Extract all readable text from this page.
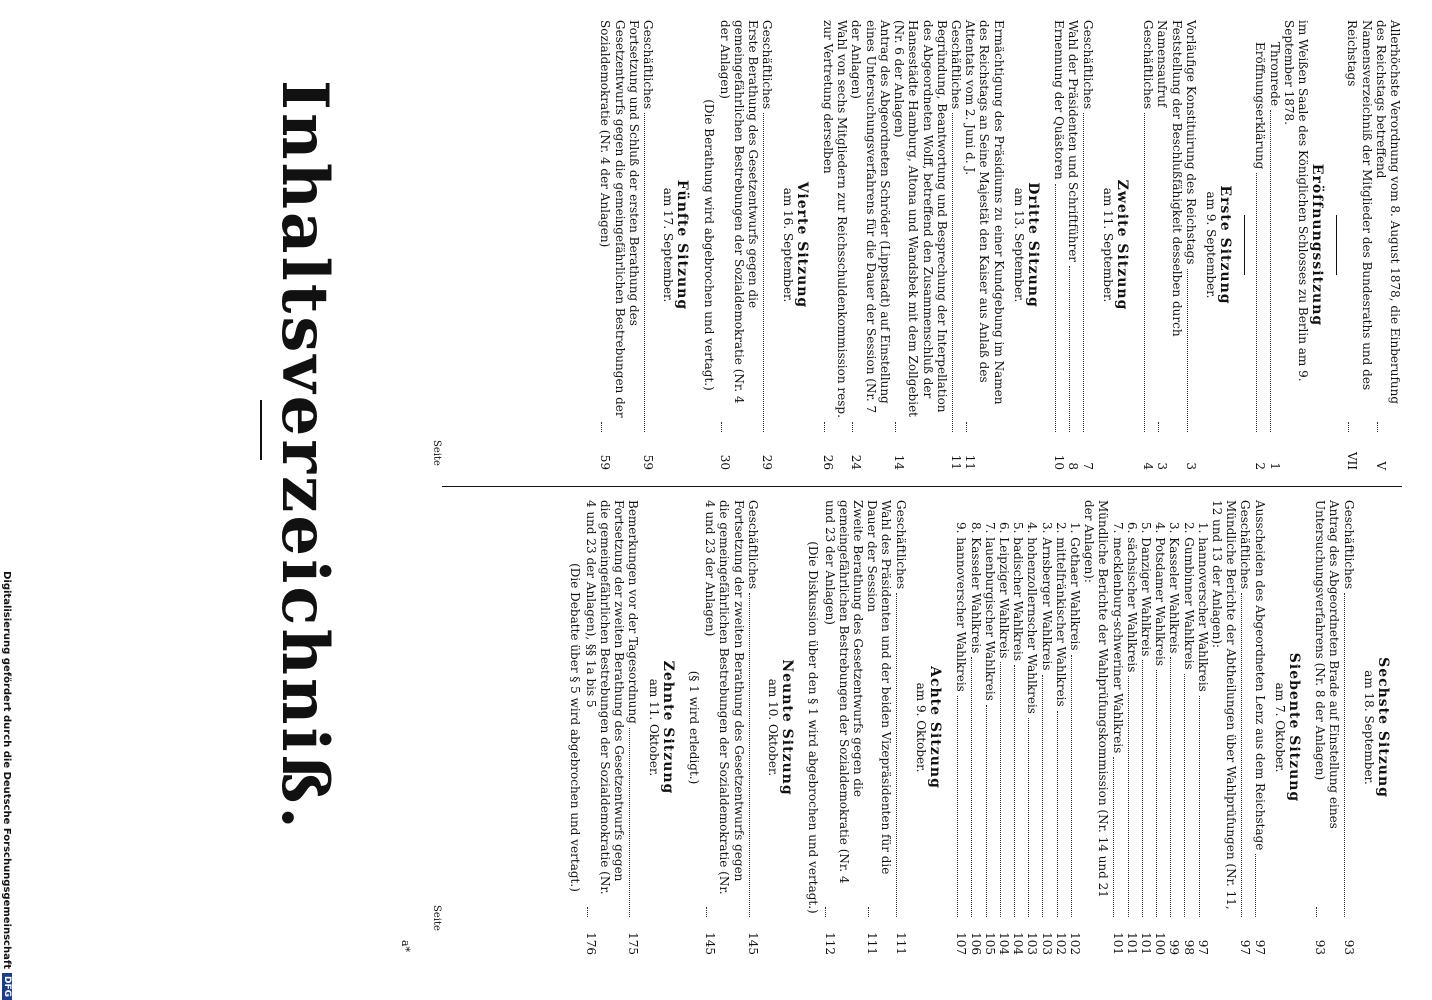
Inhaltsverzeichniß.	Seite
Seite
Allerhöchste Verordnung vom 8. August 1878, die Einberufung des Reichstags betreffend
V
Namensverzeichniß der Mitglieder des Bundesraths und des Reichstags
VII
Eröffnungssitzung
im Weißen Saale des Königlichen Schlosses zu Berlin am 9. September 1878.
Thronrede
1
Eröffnungserklärung
2
Erste Sitzung
am 9. September.
Vorläufige Konstituirung des Reichstags
3
Feststellung der Beschlußfähigkeit desselben durch Namensaufruf
3
Geschäftliches
4
Zweite Sitzung
am 11. September.
Geschäftliches
7
Wahl der Präsidenten und Schriftführer
8
Ernennung der Quästoren
10
Dritte Sitzung
am 13. September.
Ermächtigung des Präsidiums zu einer Kundgebung im Namen des Reichstags an Seine Majestät den Kaiser aus Anlaß des Attentats vom 2. Juni d. J.
11
Geschäftliches
11
Begründung, Beantwortung und Besprechung der Interpellation des Abgeordneten Wolff, betreffend den Zusammenschluß der Hansestädte Hamburg, Altona und Wandsbek mit dem Zollgebiet (Nr. 6 der Anlagen)
14
Antrag des Abgeordneten Schröder (Lippstadt) auf Einstellung eines Untersuchungsverfahrens für die Dauer der Session (Nr. 7 der Anlagen)
24
Wahl von sechs Mitgliedern zur Reichsschuldenkommission resp. zur Vertretung derselben
26
Vierte Sitzung
am 16. September.
Geschäftliches
29
Erste Berathung des Gesetzentwurfs gegen die gemeingefährlichen Bestrebungen der Sozialdemokratie (Nr. 4 der Anlagen)
30
(Die Berathung wird abgebrochen und vertagt.)
Fünfte Sitzung
am 17. September.
Geschäftliches
59
Fortsetzung und Schluß der ersten Berathung des Gesetzentwurfs gegen die gemeingefährlichen Bestrebungen der Sozialdemokratie (Nr. 4 der Anlagen)
59
Sechste Sitzung
am 18. September.
Geschäftliches
93
Antrag des Abgeordneten Brade auf Einstellung eines Untersuchungsverfahrens (Nr. 8 der Anlagen)
93
Siebente Sitzung
am 7. Oktober.
Ausscheiden des Abgeordneten Lenz aus dem Reichstage
97
Geschäftliches
97
Mündliche Berichte der Abtheilungen über Wahlprüfungen (Nr. 11, 12 und 13 der Anlagen):
1. hannoverscher Wahlkreis
97
2. Gumbinner Wahlkreis
98
3. Kasseler Wahlkreis
99
4. Potsdamer Wahlkreis
100
5. Danziger Wahlkreis
101
6. sächsischer Wahlkreis
101
7. mecklenburg-schweriner Wahlkreis
101
Mündliche Berichte der Wahlprüfungskommission (Nr. 14 und 21 der Anlagen):
1. Gothaer Wahlkreis
102
2. mittelfränkischer Wahlkreis
102
3. Arnsberger Wahlkreis
103
4. hohenzollernscher Wahlkreis
103
5. badischer Wahlkreis
104
6. Leipziger Wahlkreis
104
7. lauenburgischer Wahlkreis
105
8. Kasseler Wahlkreis
106
9. hannoverscher Wahlkreis
107
Achte Sitzung
am 9. Oktober.
Geschäftliches
111
Wahl des Präsidenten und der beiden Vizepräsidenten für die Dauer der Session
111
Zweite Berathung des Gesetzentwurfs gegen die gemeingefährlichen Bestrebungen der Sozialdemokratie (Nr. 4 und 23 der Anlagen)
112
(Die Diskussion über den § 1 wird abgebrochen und vertagt.)
Neunte Sitzung
am 10. Oktober.
Geschäftliches
145
Fortsetzung der zweiten Berathung des Gesetzentwurfs gegen die gemeingefährlichen Bestrebungen der Sozialdemokratie (Nr. 4 und 23 der Anlagen)
145
(§ 1 wird erledigt.)
Zehnte Sitzung
am 11. Oktober.
Bemerkungen vor der Tagesordnung
175
Fortsetzung der zweiten Berathung des Gesetzentwurfs gegen die gemeingefährlichen Bestrebungen der Sozialdemokratie (Nr. 4 und 23 der Anlagen), §§ 1a bis 5
176
(Die Debatte über § 5 wird abgebrochen und vertagt.)
a*
Digitalisierung gefördert durch die Deutsche Forschungsgemeinschaft
DFG
